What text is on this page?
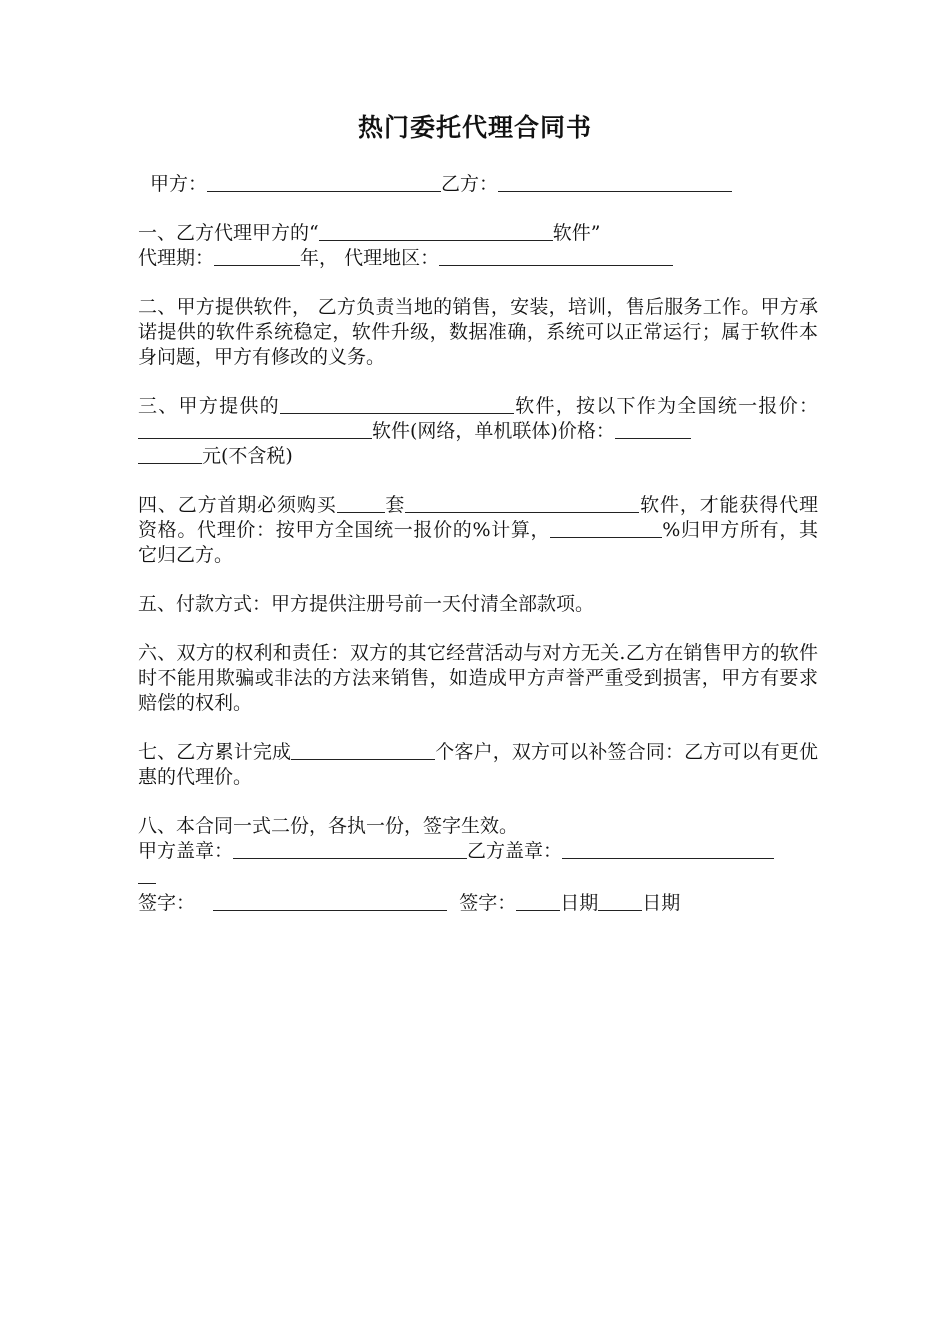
热门委托代理合同书
甲方：	乙方：
一、乙方代理甲方的“	软件”
代理期：	年， 代理地区：
二、甲方提供软件， 乙方负责当地的销售，安装，培训，售后服务工作。甲方承诺提供的软件系统稳定，软件升级，数据准确，系统可以正常运行；属于软件本身问题，甲方有修改的义务。
三、甲方提供的	软件，按以下作为全国统一报价：软件(网络，单机联体)价格：
元(不含税)
四、乙方首期必须购买	套	软件，才能获得代理资格。代理价：按甲方全国统一报价的%计算，	%归甲方所有，其它归乙方。
五、付款方式：甲方提供注册号前一天付清全部款项。
六、双方的权利和责任：双方的其它经营活动与对方无关.乙方在销售甲方的软件时不能用欺骗或非法的方法来销售，如造成甲方声誉严重受到损害，甲方有要求赔偿的权利。
七、乙方累计完成	个客户，双方可以补签合同：乙方可以有更优惠的代理价。
八、本合同一式二份，各执一份，签字生效。
甲方盖章：	乙方盖章：
签字：	签字： 日期 日期
